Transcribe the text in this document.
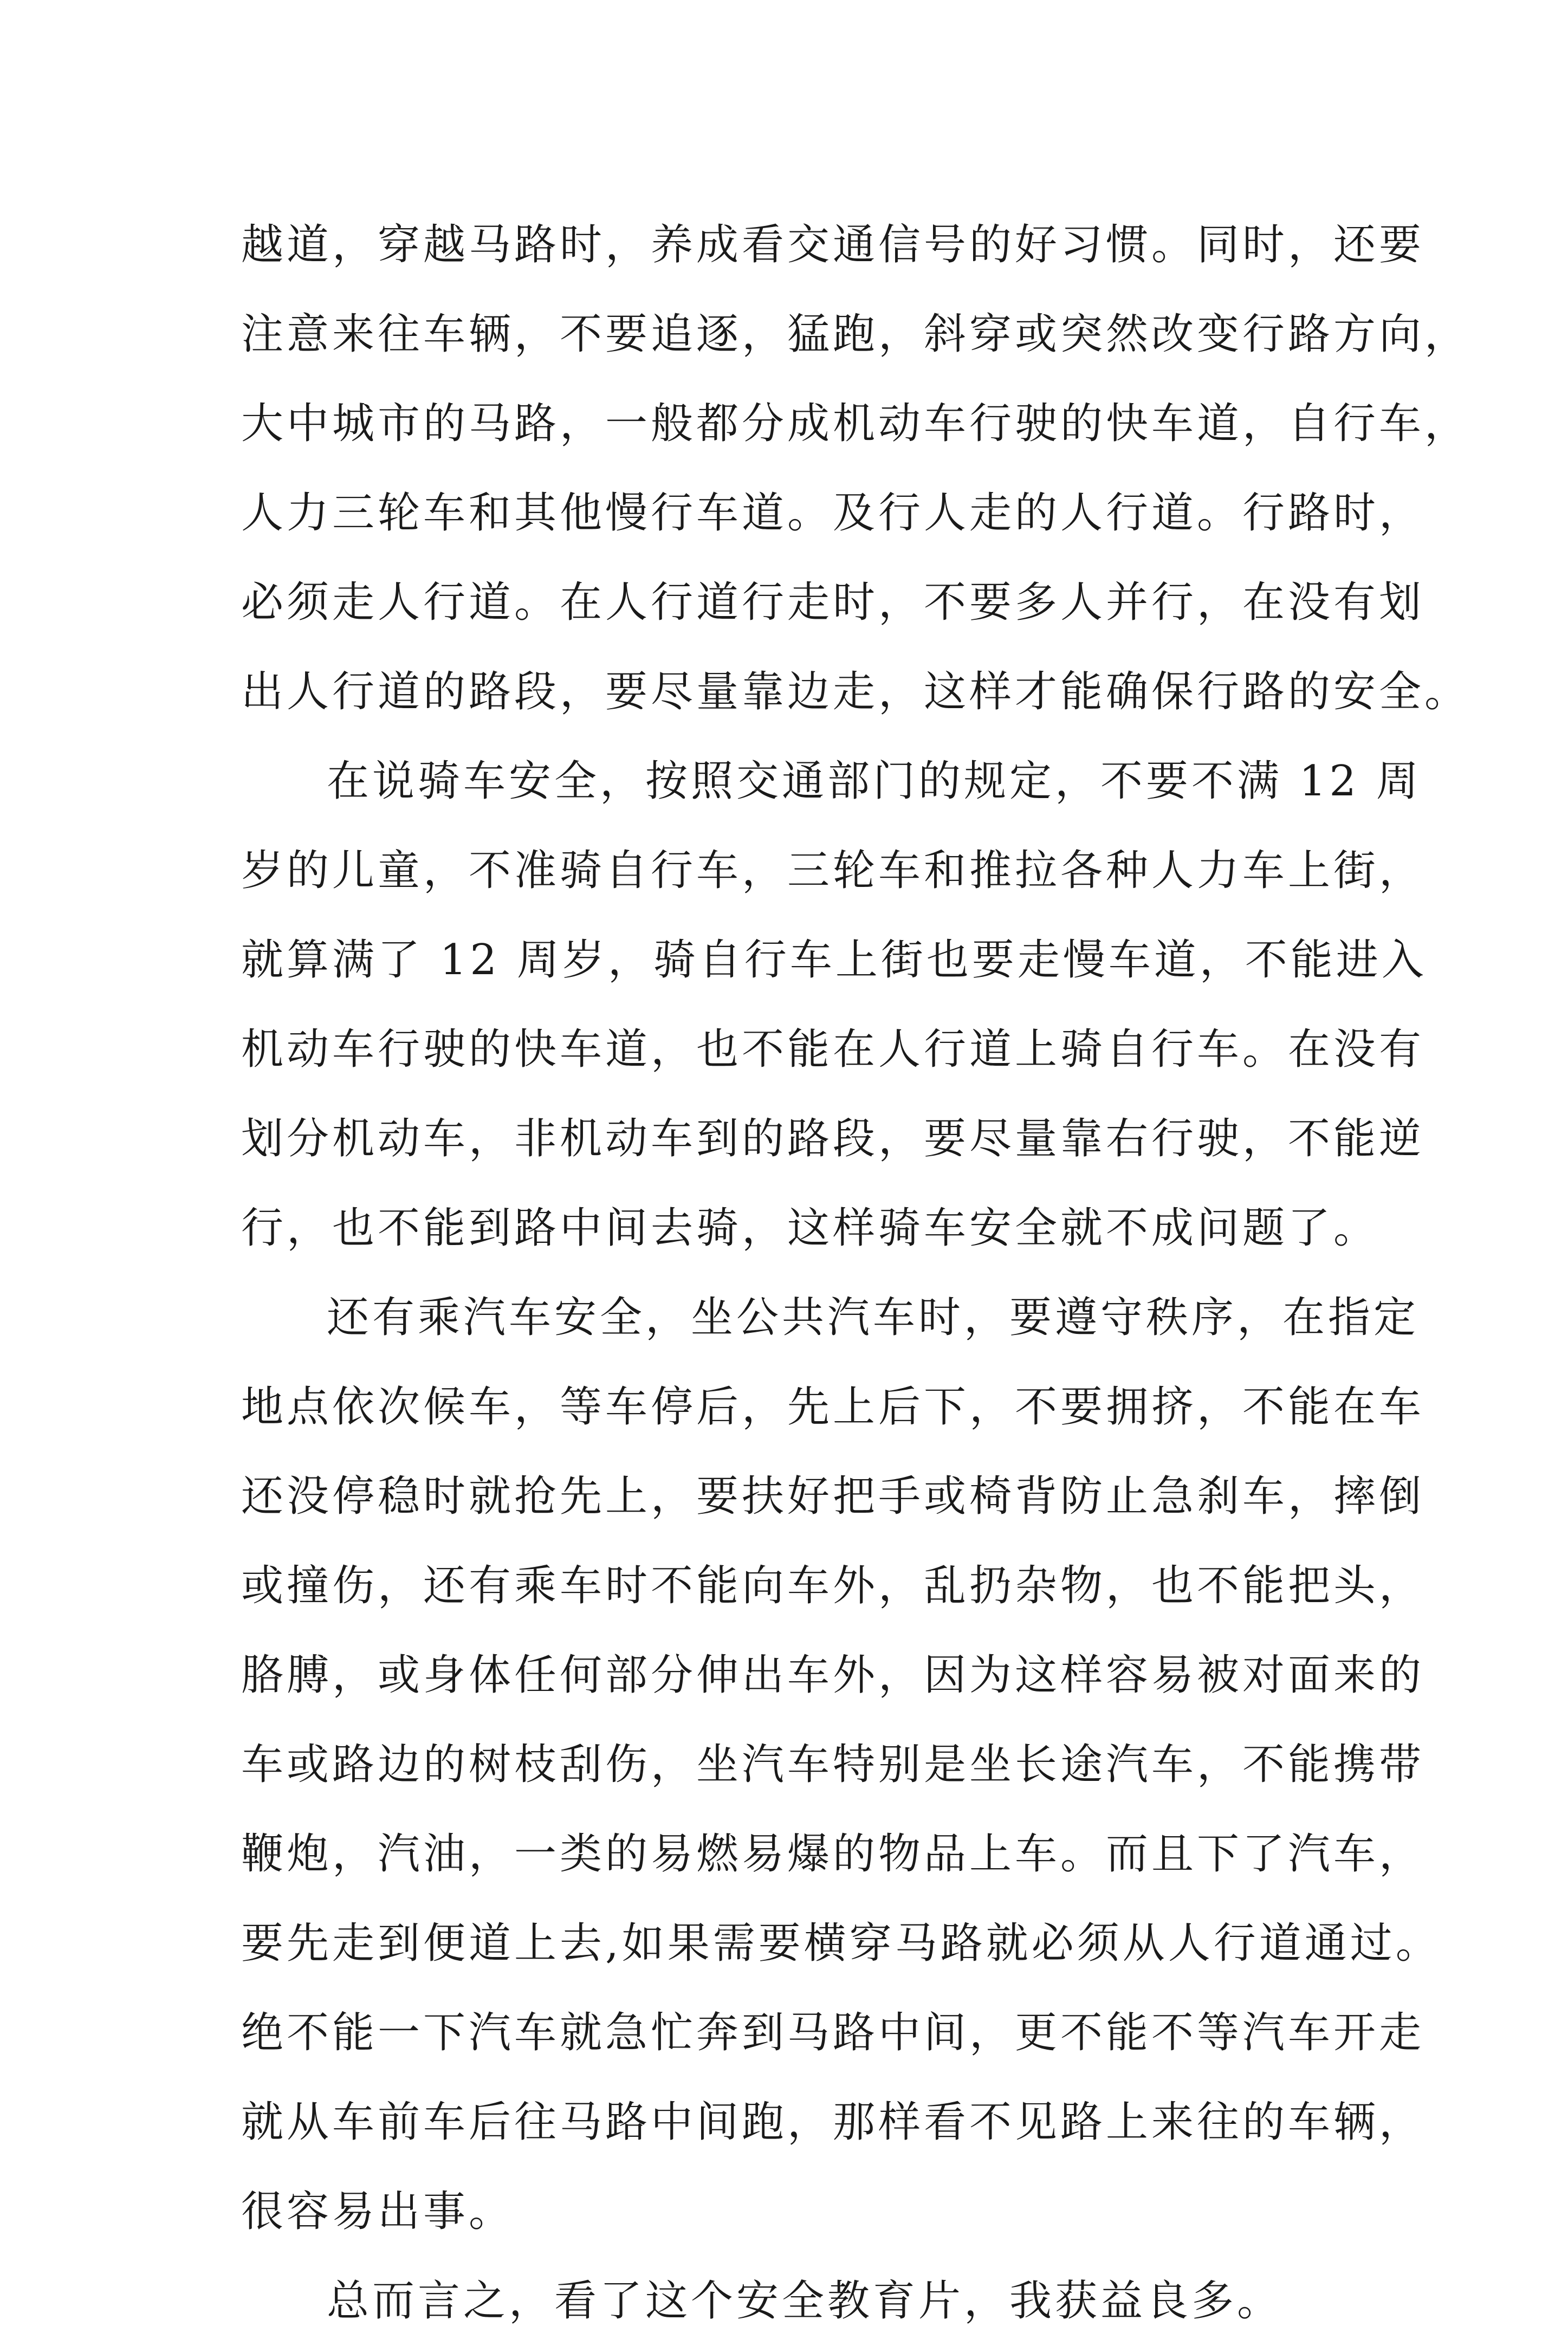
越道，穿越马路时，养成看交通信号的好习惯。同时，还要
注意来往车辆，不要追逐，猛跑，斜穿或突然改变行路方向，
大中城市的马路，一般都分成机动车行驶的快车道，自行车，
人力三轮车和其他慢行车道。及行人走的人行道。行路时，
必须走人行道。在人行道行走时，不要多人并行，在没有划
出人行道的路段，要尽量靠边走，这样才能确保行路的安全。
在说骑车安全，按照交通部门的规定，不要不满 12 周
岁的儿童，不准骑自行车，三轮车和推拉各种人力车上街，
就算满了 12 周岁，骑自行车上街也要走慢车道，不能进入
机动车行驶的快车道，也不能在人行道上骑自行车。在没有
划分机动车，非机动车到的路段，要尽量靠右行驶，不能逆
行，也不能到路中间去骑，这样骑车安全就不成问题了。
还有乘汽车安全，坐公共汽车时，要遵守秩序，在指定
地点依次候车，等车停后，先上后下，不要拥挤，不能在车
还没停稳时就抢先上，要扶好把手或椅背防止急刹车，摔倒
或撞伤，还有乘车时不能向车外，乱扔杂物，也不能把头，
胳膊，或身体任何部分伸出车外，因为这样容易被对面来的
车或路边的树枝刮伤，坐汽车特别是坐长途汽车，不能携带
鞭炮，汽油，一类的易燃易爆的物品上车。而且下了汽车，
要先走到便道上去,如果需要横穿马路就必须从人行道通过。
绝不能一下汽车就急忙奔到马路中间，更不能不等汽车开走
就从车前车后往马路中间跑，那样看不见路上来往的车辆，
很容易出事。
总而言之，看了这个安全教育片，我获益良多。
